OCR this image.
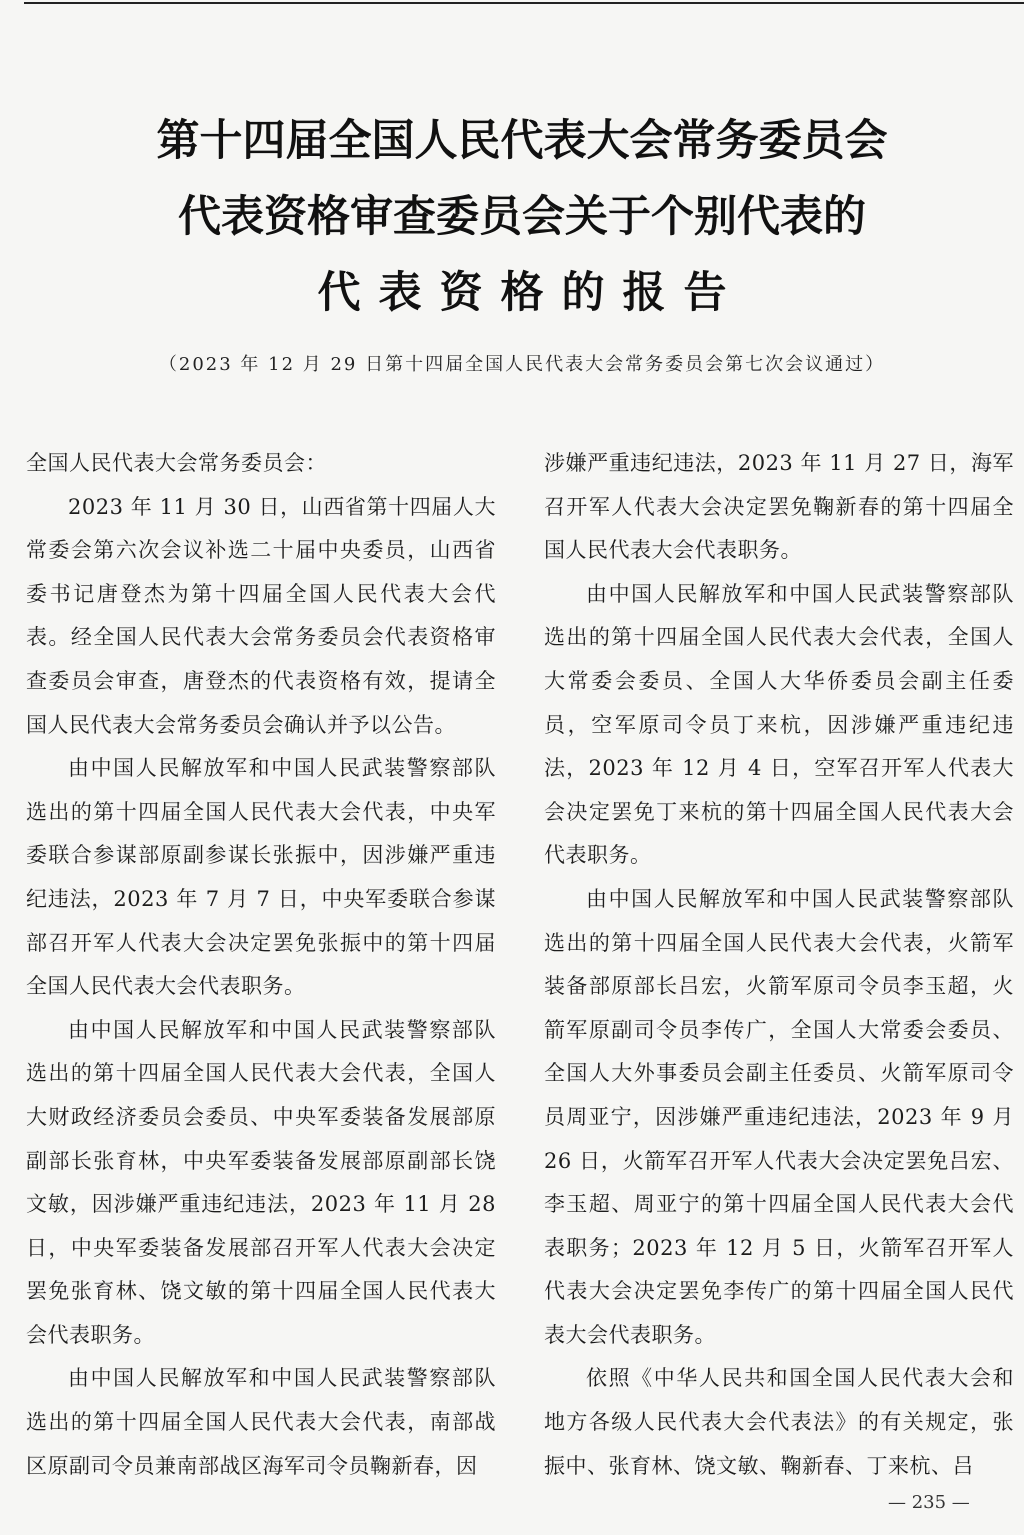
第十四届全国人民代表大会常务委员会
代表资格审查委员会关于个别代表的
代表资格的报告
（2023 年 12 月 29 日第十四届全国人民代表大会常务委员会第七次会议通过）

全国人民代表大会常务委员会：

2023 年 11 月 30 日，山西省第十四届人大常委会第六次会议补选二十届中央委员，山西省委书记唐登杰为第十四届全国人民代表大会代表。经全国人民代表大会常务委员会代表资格审查委员会审查，唐登杰的代表资格有效，提请全国人民代表大会常务委员会确认并予以公告。

由中国人民解放军和中国人民武装警察部队选出的第十四届全国人民代表大会代表，中央军委联合参谋部原副参谋长张振中，因涉嫌严重违纪违法，2023 年 7 月 7 日，中央军委联合参谋部召开军人代表大会决定罢免张振中的第十四届全国人民代表大会代表职务。

由中国人民解放军和中国人民武装警察部队选出的第十四届全国人民代表大会代表，全国人大财政经济委员会委员、中央军委装备发展部原副部长张育林，中央军委装备发展部原副部长饶文敏，因涉嫌严重违纪违法，2023 年 11 月 28 日，中央军委装备发展部召开军人代表大会决定罢免张育林、饶文敏的第十四届全国人民代表大会代表职务。

由中国人民解放军和中国人民武装警察部队选出的第十四届全国人民代表大会代表，南部战区原副司令员兼南部战区海军司令员鞠新春，因

涉嫌严重违纪违法，2023 年 11 月 27 日，海军召开军人代表大会决定罢免鞠新春的第十四届全国人民代表大会代表职务。

由中国人民解放军和中国人民武装警察部队选出的第十四届全国人民代表大会代表，全国人大常委会委员、全国人大华侨委员会副主任委员，空军原司令员丁来杭，因涉嫌严重违纪违法，2023 年 12 月 4 日，空军召开军人代表大会决定罢免丁来杭的第十四届全国人民代表大会代表职务。

由中国人民解放军和中国人民武装警察部队选出的第十四届全国人民代表大会代表，火箭军装备部原部长吕宏，火箭军原司令员李玉超，火箭军原副司令员李传广，全国人大常委会委员、全国人大外事委员会副主任委员、火箭军原司令员周亚宁，因涉嫌严重违纪违法，2023 年 9 月 26 日，火箭军召开军人代表大会决定罢免吕宏、李玉超、周亚宁的第十四届全国人民代表大会代表职务；2023 年 12 月 5 日，火箭军召开军人代表大会决定罢免李传广的第十四届全国人民代表大会代表职务。

依照《中华人民共和国全国人民代表大会和地方各级人民代表大会代表法》的有关规定，张振中、张育林、饶文敏、鞠新春、丁来杭、吕

— 235 —
